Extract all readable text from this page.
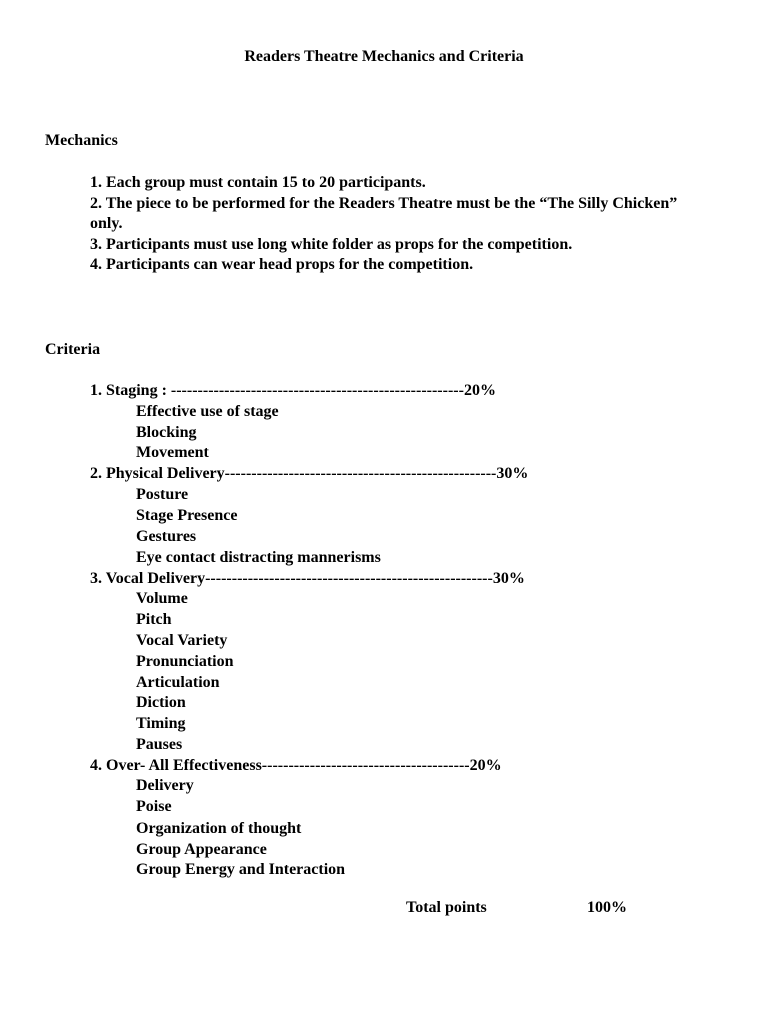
Readers Theatre Mechanics and Criteria
Mechanics
1. Each group must contain 15 to 20 participants.
2. The piece to be performed for the Readers Theatre must be the “The Silly Chicken” only.
3. Participants must use long white folder as props for the competition.
4. Participants can wear head props for the competition.
Criteria
1. Staging : -------------------------------------------------------20%
Effective use of stage
Blocking
Movement
2. Physical Delivery---------------------------------------------------30%
Posture
Stage Presence
Gestures
Eye contact distracting mannerisms
3. Vocal Delivery------------------------------------------------------30%
Volume
Pitch
Vocal Variety
Pronunciation
Articulation
Diction
Timing
Pauses
4. Over- All Effectiveness---------------------------------------20%
Delivery
Poise
Organization of thought
Group Appearance
Group Energy and Interaction
Total points	100%
